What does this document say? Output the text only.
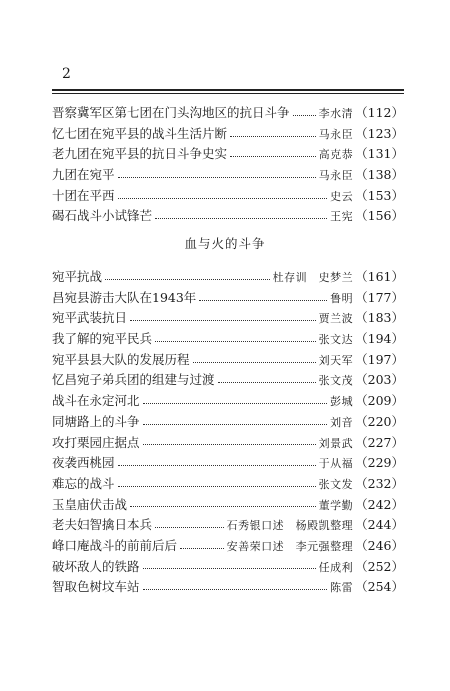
2
晋察冀军区第七团在门头沟地区的抗日斗争	李水清 （112）
忆七团在宛平县的战斗生活片断	马永臣 （123）
老九团在宛平县的抗日斗争史实	高克恭 （131）
九团在宛平	马永臣 （138）
十团在平西	史云 （153）
碣石战斗小试锋芒	王宪 （156）
血与火的斗争
宛平抗战	杜存训　史梦兰 （161）
昌宛县游击大队在1943年	鲁明 （177）
宛平武装抗日	贾兰波 （183）
我了解的宛平民兵	张文达 （194）
宛平县县大队的发展历程	刘天军 （197）
忆昌宛子弟兵团的组建与过渡	张文茂 （203）
战斗在永定河北	彭城 （209）
同塘路上的斗争	刘音 （220）
攻打栗园庄据点	刘景武 （227）
夜袭西桃园	于从福 （229）
难忘的战斗	张文发 （232）
玉皇庙伏击战	董学勤 （242）
老夫妇智擒日本兵	石秀银口述　杨殿凯整理 （244）
峰口庵战斗的前前后后	安善荣口述　李元强整理 （246）
破坏敌人的铁路	任成利 （252）
智取色树坟车站	陈雷 （254）
